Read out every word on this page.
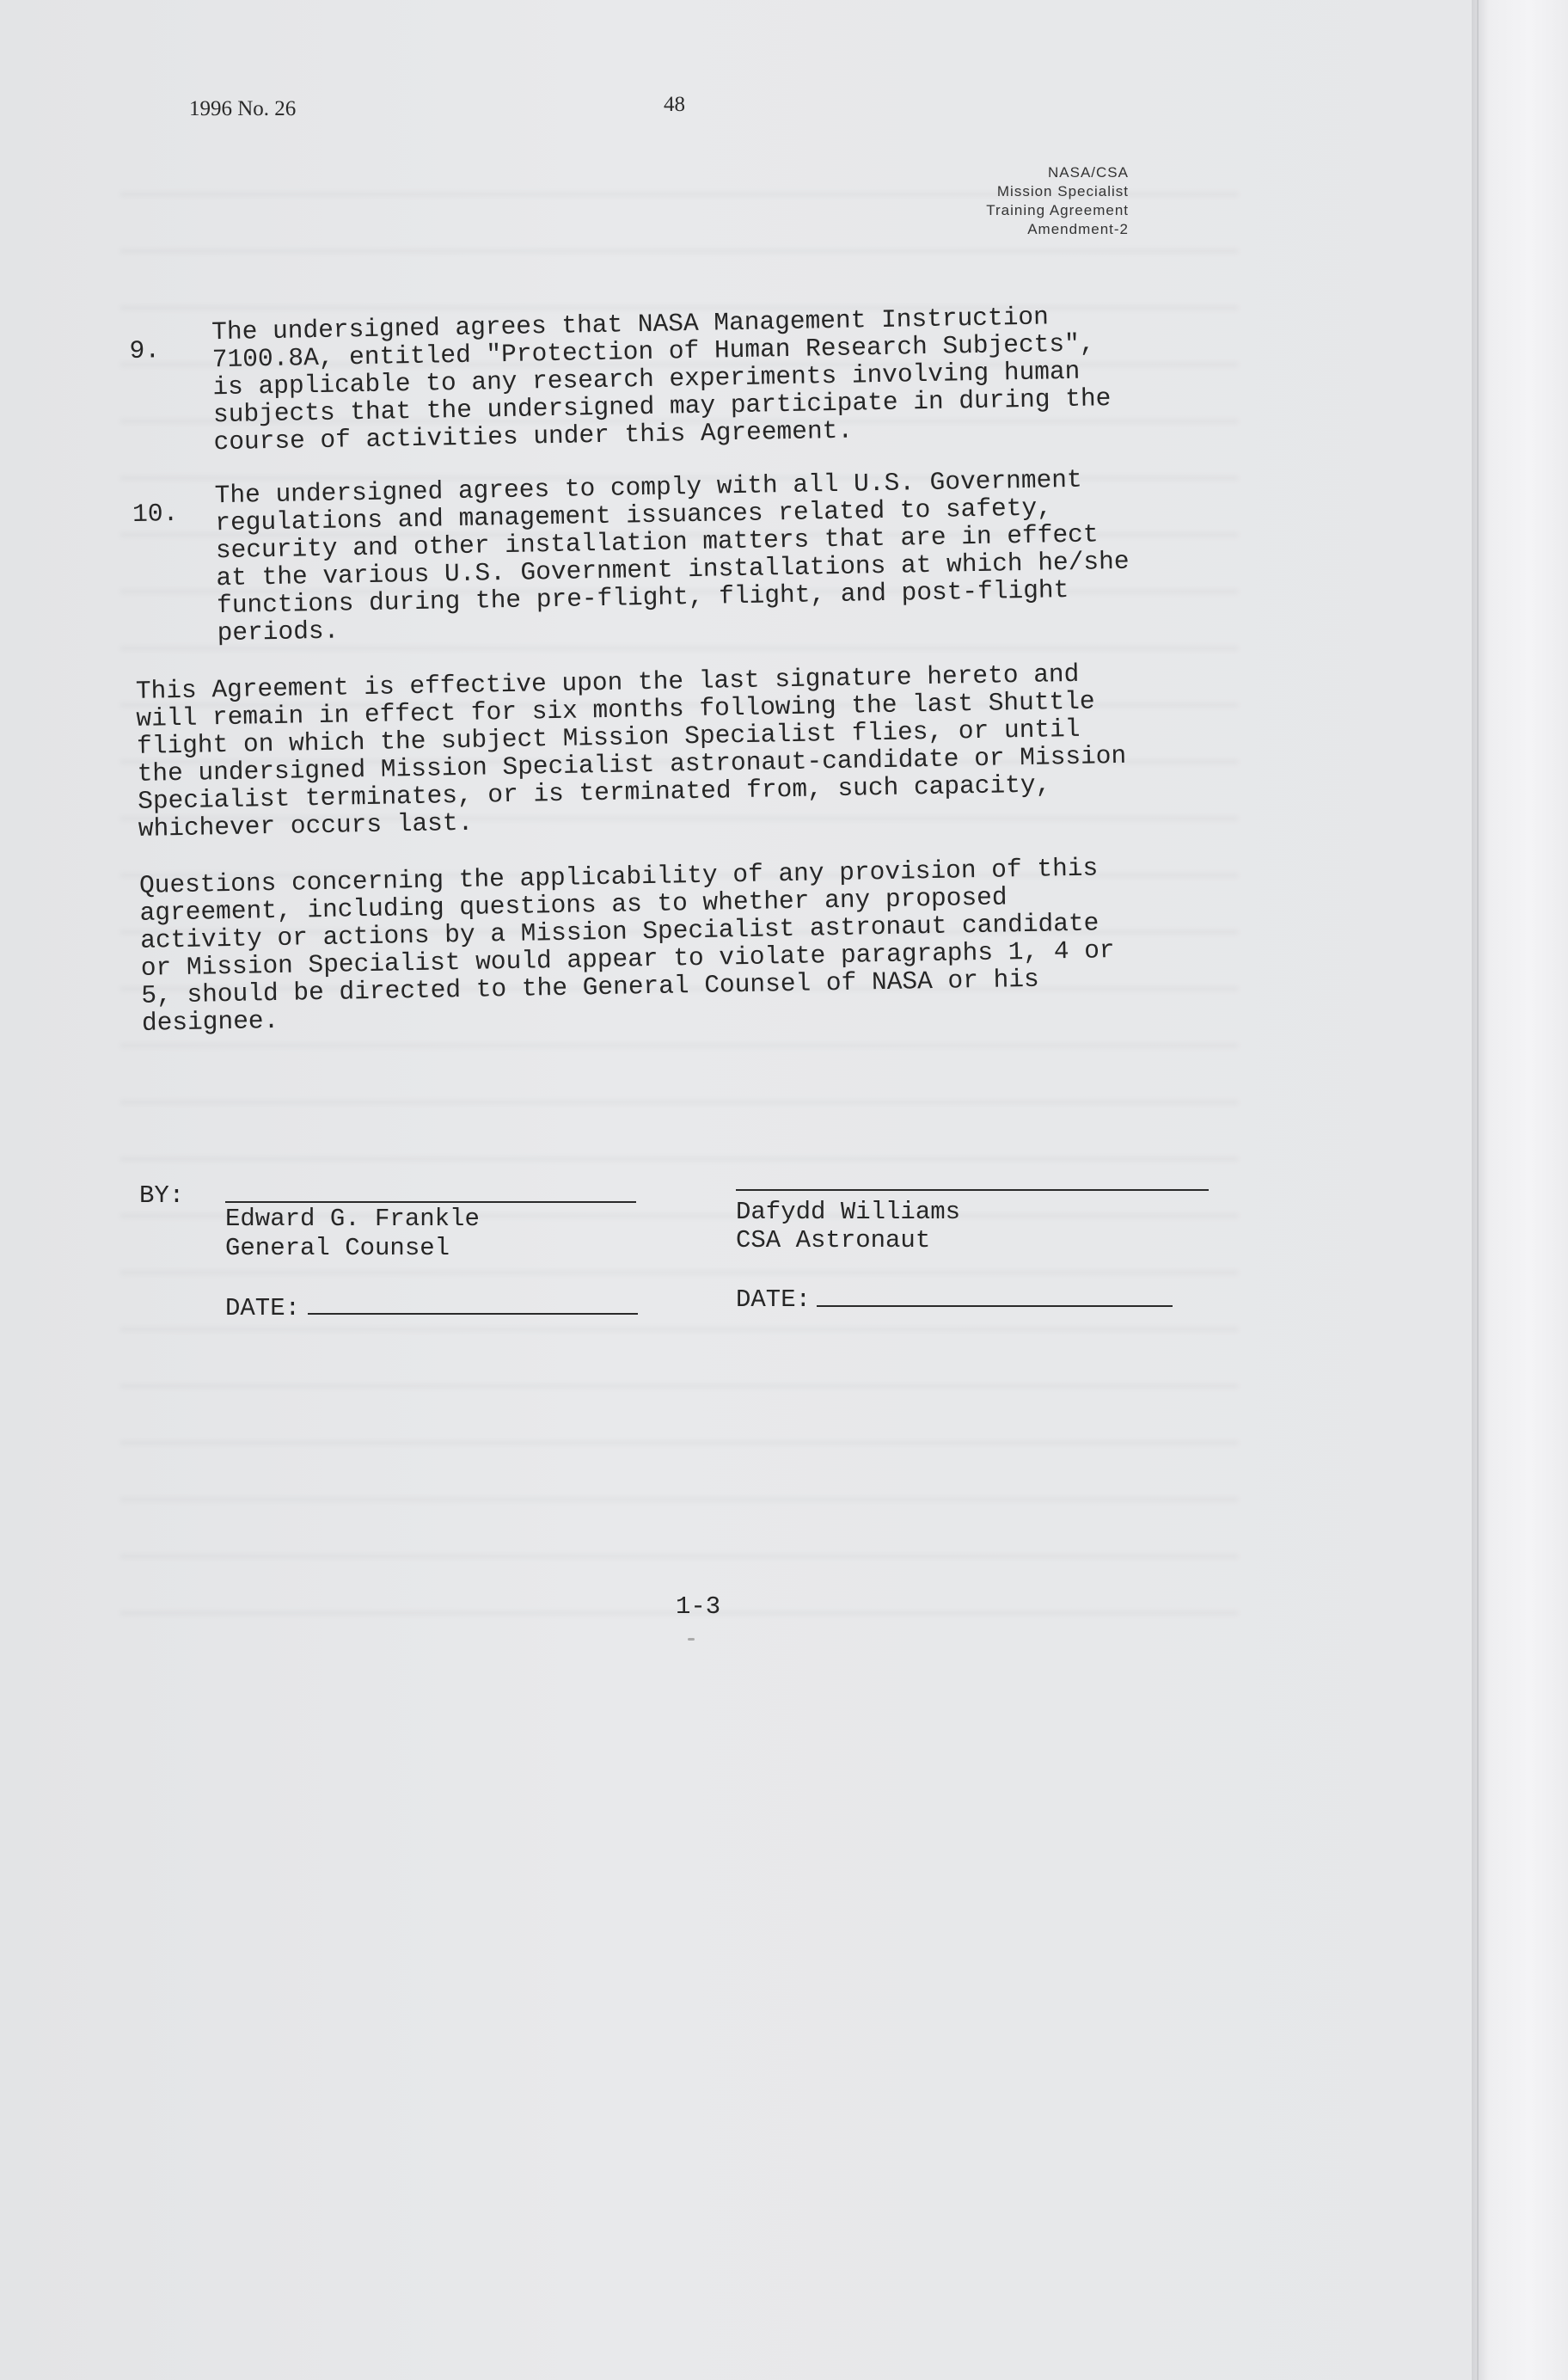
1996 No. 26	48
NASA/CSA
Mission Specialist
Training Agreement
Amendment-2
9.
The undersigned agrees that NASA Management Instruction
7100.8A, entitled "Protection of Human Research Subjects",
is applicable to any research experiments involving human
subjects that the undersigned may participate in during the
course of activities under this Agreement.
10.
The undersigned agrees to comply with all U.S. Government
regulations and management issuances related to safety,
security and other installation matters that are in effect
at the various U.S. Government installations at which he/she
functions during the pre-flight, flight, and post-flight
periods.
This Agreement is effective upon the last signature hereto and
will remain in effect for six months following the last Shuttle
flight on which the subject Mission Specialist flies, or until
the undersigned Mission Specialist astronaut-candidate or Mission
Specialist terminates, or is terminated from, such capacity,
whichever occurs last.
Questions concerning the applicability of any provision of this
agreement, including questions as to whether any proposed
activity or actions by a Mission Specialist astronaut candidate
or Mission Specialist would appear to violate paragraphs 1, 4 or
5, should be directed to the General Counsel of NASA or his
designee.
BY:
Edward G. Frankle
General Counsel
Dafydd Williams
CSA Astronaut
DATE:	DATE:
1-3
